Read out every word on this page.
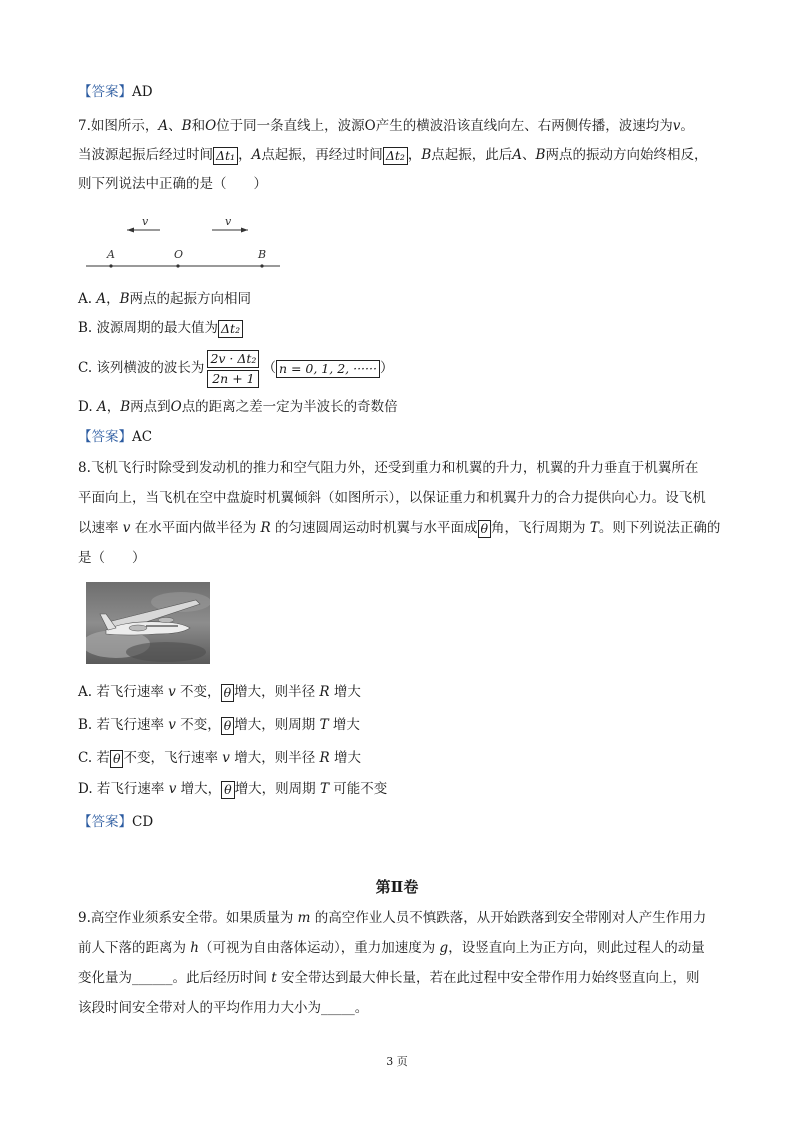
【答案】AD
7.如图所示，A、B和O位于同一条直线上，波源O产生的横波沿该直线向左、右两侧传播，波速均为v。
当波源起振后经过时间 Δt₁ ，A点起振，再经过时间 Δt₂ ，B点起振，此后A、B两点的振动方向始终相反，
则下列说法中正确的是（　　）
v	v
A	O	B
A. A，B两点的起振方向相同
B. 波源周期的最大值为 Δt₂
C. 该列横波的波长为 $\frac{\text{2v · Δt₂}}{2n + 1}$ （ n = 0, 1, 2, ······ ）
D. A，B两点到O点的距离之差一定为半波长的奇数倍
【答案】AC
8.飞机飞行时除受到发动机的推力和空气阻力外，还受到重力和机翼的升力，机翼的升力垂直于机翼所在
平面向上，当飞机在空中盘旋时机翼倾斜（如图所示），以保证重力和机翼升力的合力提供向心力。设飞机
以速率 v 在水平面内做半径为 R 的匀速圆周运动时机翼与水平面成 θ 角，飞行周期为 T。则下列说法正确的
是（　　）
A. 若飞行速率 v 不变， θ 增大，则半径 R 增大
B. 若飞行速率 v 不变， θ 增大，则周期 T 增大
C. 若 θ 不变，飞行速率 v 增大，则半径 R 增大
D. 若飞行速率 v 增大， θ 增大，则周期 T 可能不变
【答案】CD
第Ⅱ卷
9.高空作业须系安全带。如果质量为 m 的高空作业人员不慎跌落，从开始跌落到安全带刚对人产生作用力
前人下落的距离为 h（可视为自由落体运动），重力加速度为 g，设竖直向上为正方向，则此过程人的动量
变化量为______。此后经历时间 t 安全带达到最大伸长量，若在此过程中安全带作用力始终竖直向上，则
该段时间安全带对人的平均作用力大小为_____。
3 页
